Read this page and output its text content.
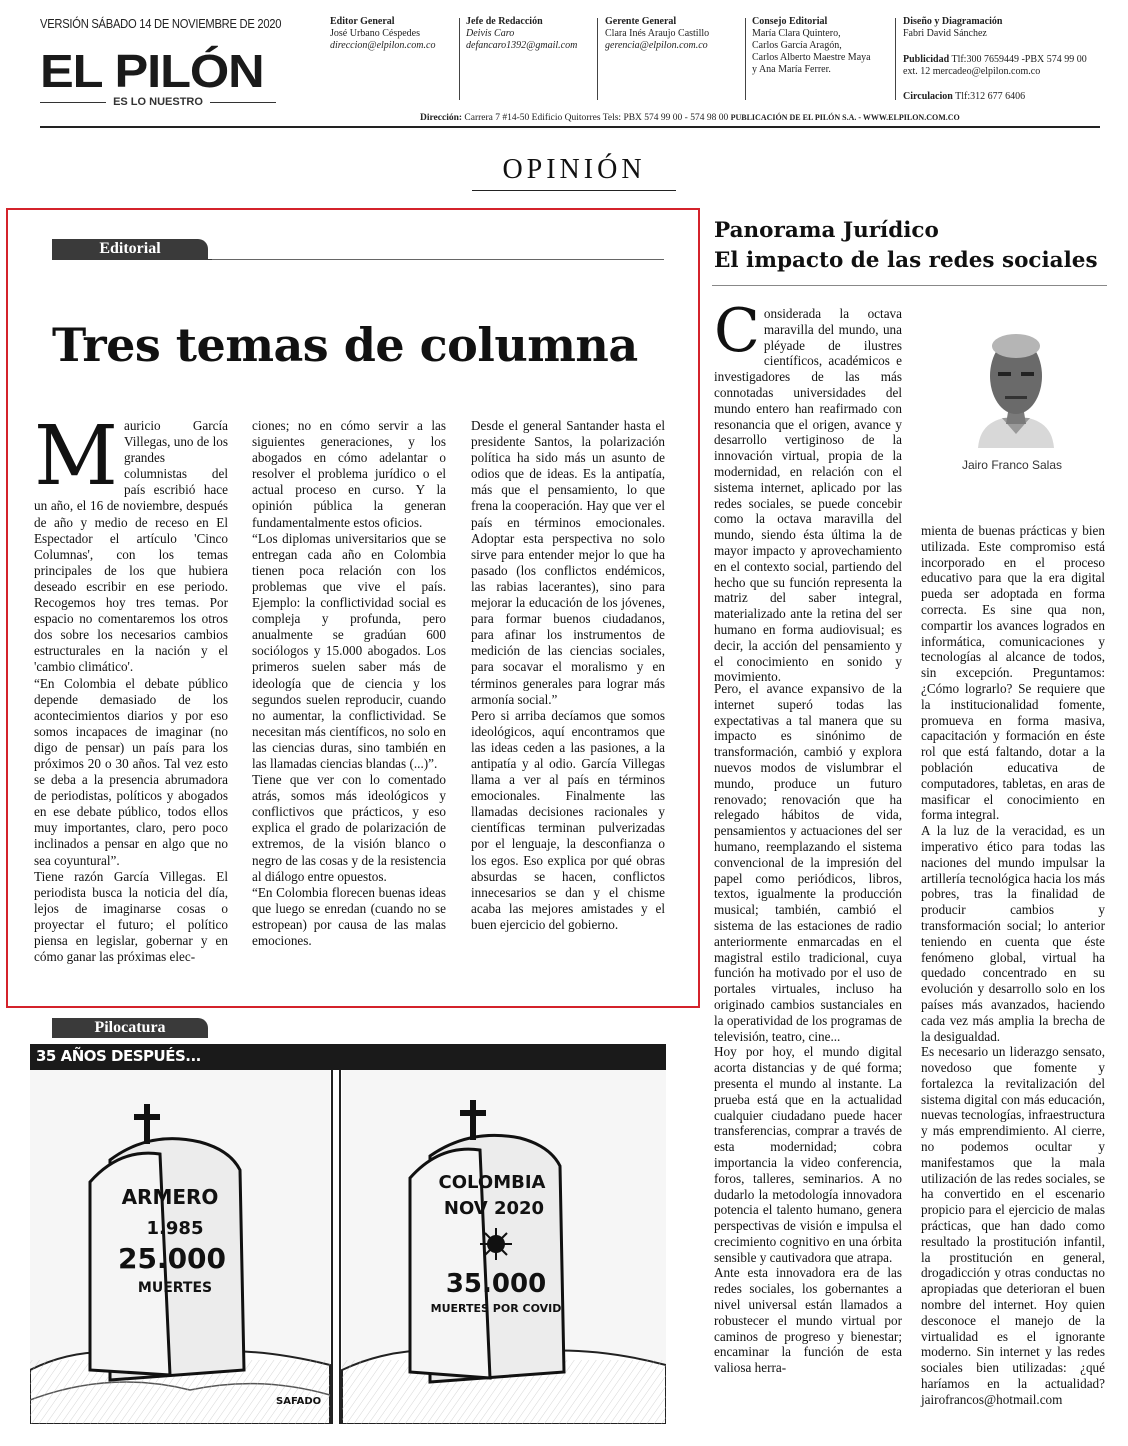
VERSIÓN SÁBADO 14 DE NOVIEMBRE DE 2020
EL PILÓN
ES LO NUESTRO
Editor General
José Urbano Céspedes
direccion@elpilon.com.co
Jefe de Redacción
Deivis Caro
defancaro1392@gmail.com
Gerente General
Clara Inés Araujo Castillo
gerencia@elpilon.com.co
Consejo Editorial
María Clara Quintero,
Carlos García Aragón,
Carlos Alberto Maestre Maya
y Ana María Ferrer.
Diseño y Diagramación
Fabri David Sánchez
Publicidad Tlf:300 7659449 -PBX 574 99 00
ext. 12 mercadeo@elpilon.com.co
Circulacion Tlf:312 677 6406
Dirección: Carrera 7 #14-50 Edificio Quitorres Tels: PBX 574 99 00 - 574 98 00 PUBLICACIÓN DE EL PILÓN S.A. - WWW.ELPILON.COM.CO
OPINIÓN
Editorial
Tres temas de columna
M auricio García Villegas, uno de los grandes columnistas del país escribió hace un año, el 16 de noviembre, después de año y medio de receso en El Espectador el artículo 'Cinco Columnas', con los temas principales de los que hubiera deseado escribir en ese periodo. Recogemos hoy tres temas. Por espacio no comentaremos los otros dos sobre los necesarios cambios estructurales en la nación y el 'cambio climático'.

“En Colombia el debate público depende demasiado de los acontecimientos diarios y por eso somos incapaces de imaginar (no digo de pensar) un país para los próximos 20 o 30 años. Tal vez esto se deba a la presencia abrumadora de periodistas, políticos y abogados en ese debate público, todos ellos muy importantes, claro, pero poco inclinados a pensar en algo que no sea coyuntural”.

Tiene razón García Villegas. El periodista busca la noticia del día, lejos de imaginarse cosas o proyectar el futuro; el político piensa en legislar, gobernar y en cómo ganar las próximas elec-

ciones; no en cómo servir a las siguientes generaciones, y los abogados en cómo adelantar o resolver el problema jurídico o el actual proceso en curso. Y la opinión pública la generan fundamentalmente estos oficios.

“Los diplomas universitarios que se entregan cada año en Colombia tienen poca relación con los problemas que vive el país. Ejemplo: la conflictividad social es compleja y profunda, pero anualmente se gradúan 600 sociólogos y 15.000 abogados. Los primeros suelen saber más de ideología que de ciencia y los segundos suelen reproducir, cuando no aumentar, la conflictividad. Se necesitan más científicos, no solo en las ciencias duras, sino también en las llamadas ciencias blandas (...)”.

Tiene que ver con lo comentado atrás, somos más ideológicos y conflictivos que prácticos, y eso explica el grado de polarización de extremos, de la visión blanco o negro de las cosas y de la resistencia al diálogo entre opuestos.

“En Colombia florecen buenas ideas que luego se enredan (cuando no se estropean) por causa de las malas emociones.

Desde el general Santander hasta el presidente Santos, la polarización política ha sido más un asunto de odios que de ideas. Es la antipatía, más que el pensamiento, lo que frena la cooperación. Hay que ver el país en términos emocionales. Adoptar esta perspectiva no solo sirve para entender mejor lo que ha pasado (los conflictos endémicos, las rabias lacerantes), sino para mejorar la educación de los jóvenes, para formar buenos ciudadanos, para afinar los instrumentos de medición de las ciencias sociales, para socavar el moralismo y en términos generales para lograr más armonía social.”

Pero si arriba decíamos que somos ideológicos, aquí encontramos que las ideas ceden a las pasiones, a la antipatía y al odio. García Villegas llama a ver al país en términos emocionales. Finalmente las llamadas decisiones racionales y científicas terminan pulverizadas por el lenguaje, la desconfianza o los egos. Eso explica por qué obras absurdas se hacen, conflictos innecesarios se dan y el chisme acaba las mejores amistades y el buen ejercicio del gobierno.

Panorama Jurídico
El impacto de las redes sociales
Jairo Franco Salas
C onsiderada la octava maravilla del mundo, una pléyade de ilustres científicos, académicos e investigadores de las más connotadas universidades del mundo entero han reafirmado con resonancia que el origen, avance y desarrollo vertiginoso de la innovación virtual, propia de la modernidad, en relación con el sistema internet, aplicado por las redes sociales, se puede concebir como la octava maravilla del mundo, siendo ésta última la de mayor impacto y aprovechamiento en el contexto social, partiendo del hecho que su función representa la matriz del saber integral, materializado ante la retina del ser humano en forma audiovisual; es decir, la acción del pensamiento y el conocimiento en sonido y movimiento.

Pero, el avance expansivo de la internet superó todas las expectativas a tal manera que su impacto es sinónimo de transformación, cambió y explora nuevos modos de vislumbrar el mundo, produce un futuro renovado; renovación que ha relegado hábitos de vida, pensamientos y actuaciones del ser humano, reemplazando el sistema convencional de la impresión del papel como periódicos, libros, textos, igualmente la producción musical; también, cambió el sistema de las estaciones de radio anteriormente enmarcadas en el magistral estilo tradicional, cuya función ha motivado por el uso de portales virtuales, incluso ha originado cambios sustanciales en la operatividad de los programas de televisión, teatro, cine...

Hoy por hoy, el mundo digital acorta distancias y de qué forma; presenta el mundo al instante. La prueba está que en la actualidad cualquier ciudadano puede hacer transferencias, comprar a través de esta modernidad; cobra importancia la video conferencia, foros, talleres, seminarios. A no dudarlo la metodología innovadora potencia el talento humano, genera perspectivas de visión e impulsa el crecimiento cognitivo en una órbita sensible y cautivadora que atrapa.

Ante esta innovadora era de las redes sociales, los gobernantes a nivel universal están llamados a robustecer el mundo virtual por caminos de progreso y bienestar; encaminar la función de esta valiosa herra-

mienta de buenas prácticas y bien utilizada. Este compromiso está incorporado en el proceso educativo para que la era digital pueda ser adoptada en forma correcta. Es sine qua non, compartir los avances logrados en informática, comunicaciones y tecnologías al alcance de todos, sin excepción. Preguntamos: ¿Cómo lograrlo? Se requiere que la institucionalidad fomente, promueva en forma masiva, capacitación y formación en éste rol que está faltando, dotar a la población educativa de computadores, tabletas, en aras de masificar el conocimiento en forma integral.

A la luz de la veracidad, es un imperativo ético para todas las naciones del mundo impulsar la artillería tecnológica hacia los más pobres, tras la finalidad de producir cambios y transformación social; lo anterior teniendo en cuenta que éste fenómeno global, virtual ha quedado concentrado en su evolución y desarrollo solo en los países más avanzados, haciendo cada vez más amplia la brecha de la desigualdad.

Es necesario un liderazgo sensato, novedoso que fomente y fortalezca la revitalización del sistema digital con más educación, nuevas tecnologías, infraestructura y más emprendimiento. Al cierre, no podemos ocultar y manifestamos que la mala utilización de las redes sociales, se ha convertido en el escenario propicio para el ejercicio de malas prácticas, que han dado como resultado la prostitución infantil, la prostitución en general, drogadicción y otras conductas no apropiadas que deterioran el buen nombre del internet. Hoy quien desconoce el manejo de la virtualidad es el ignorante moderno. Sin internet y las redes sociales bien utilizadas: ¿qué haríamos en la actualidad? jairofrancos@hotmail.com

Pilocatura
35 AÑOS DESPUÉS...
ARMERO
1.985
25.000
MUERTES
COLOMBIA
NOV 2020
35.000
MUERTES POR COVID
SAFADO
